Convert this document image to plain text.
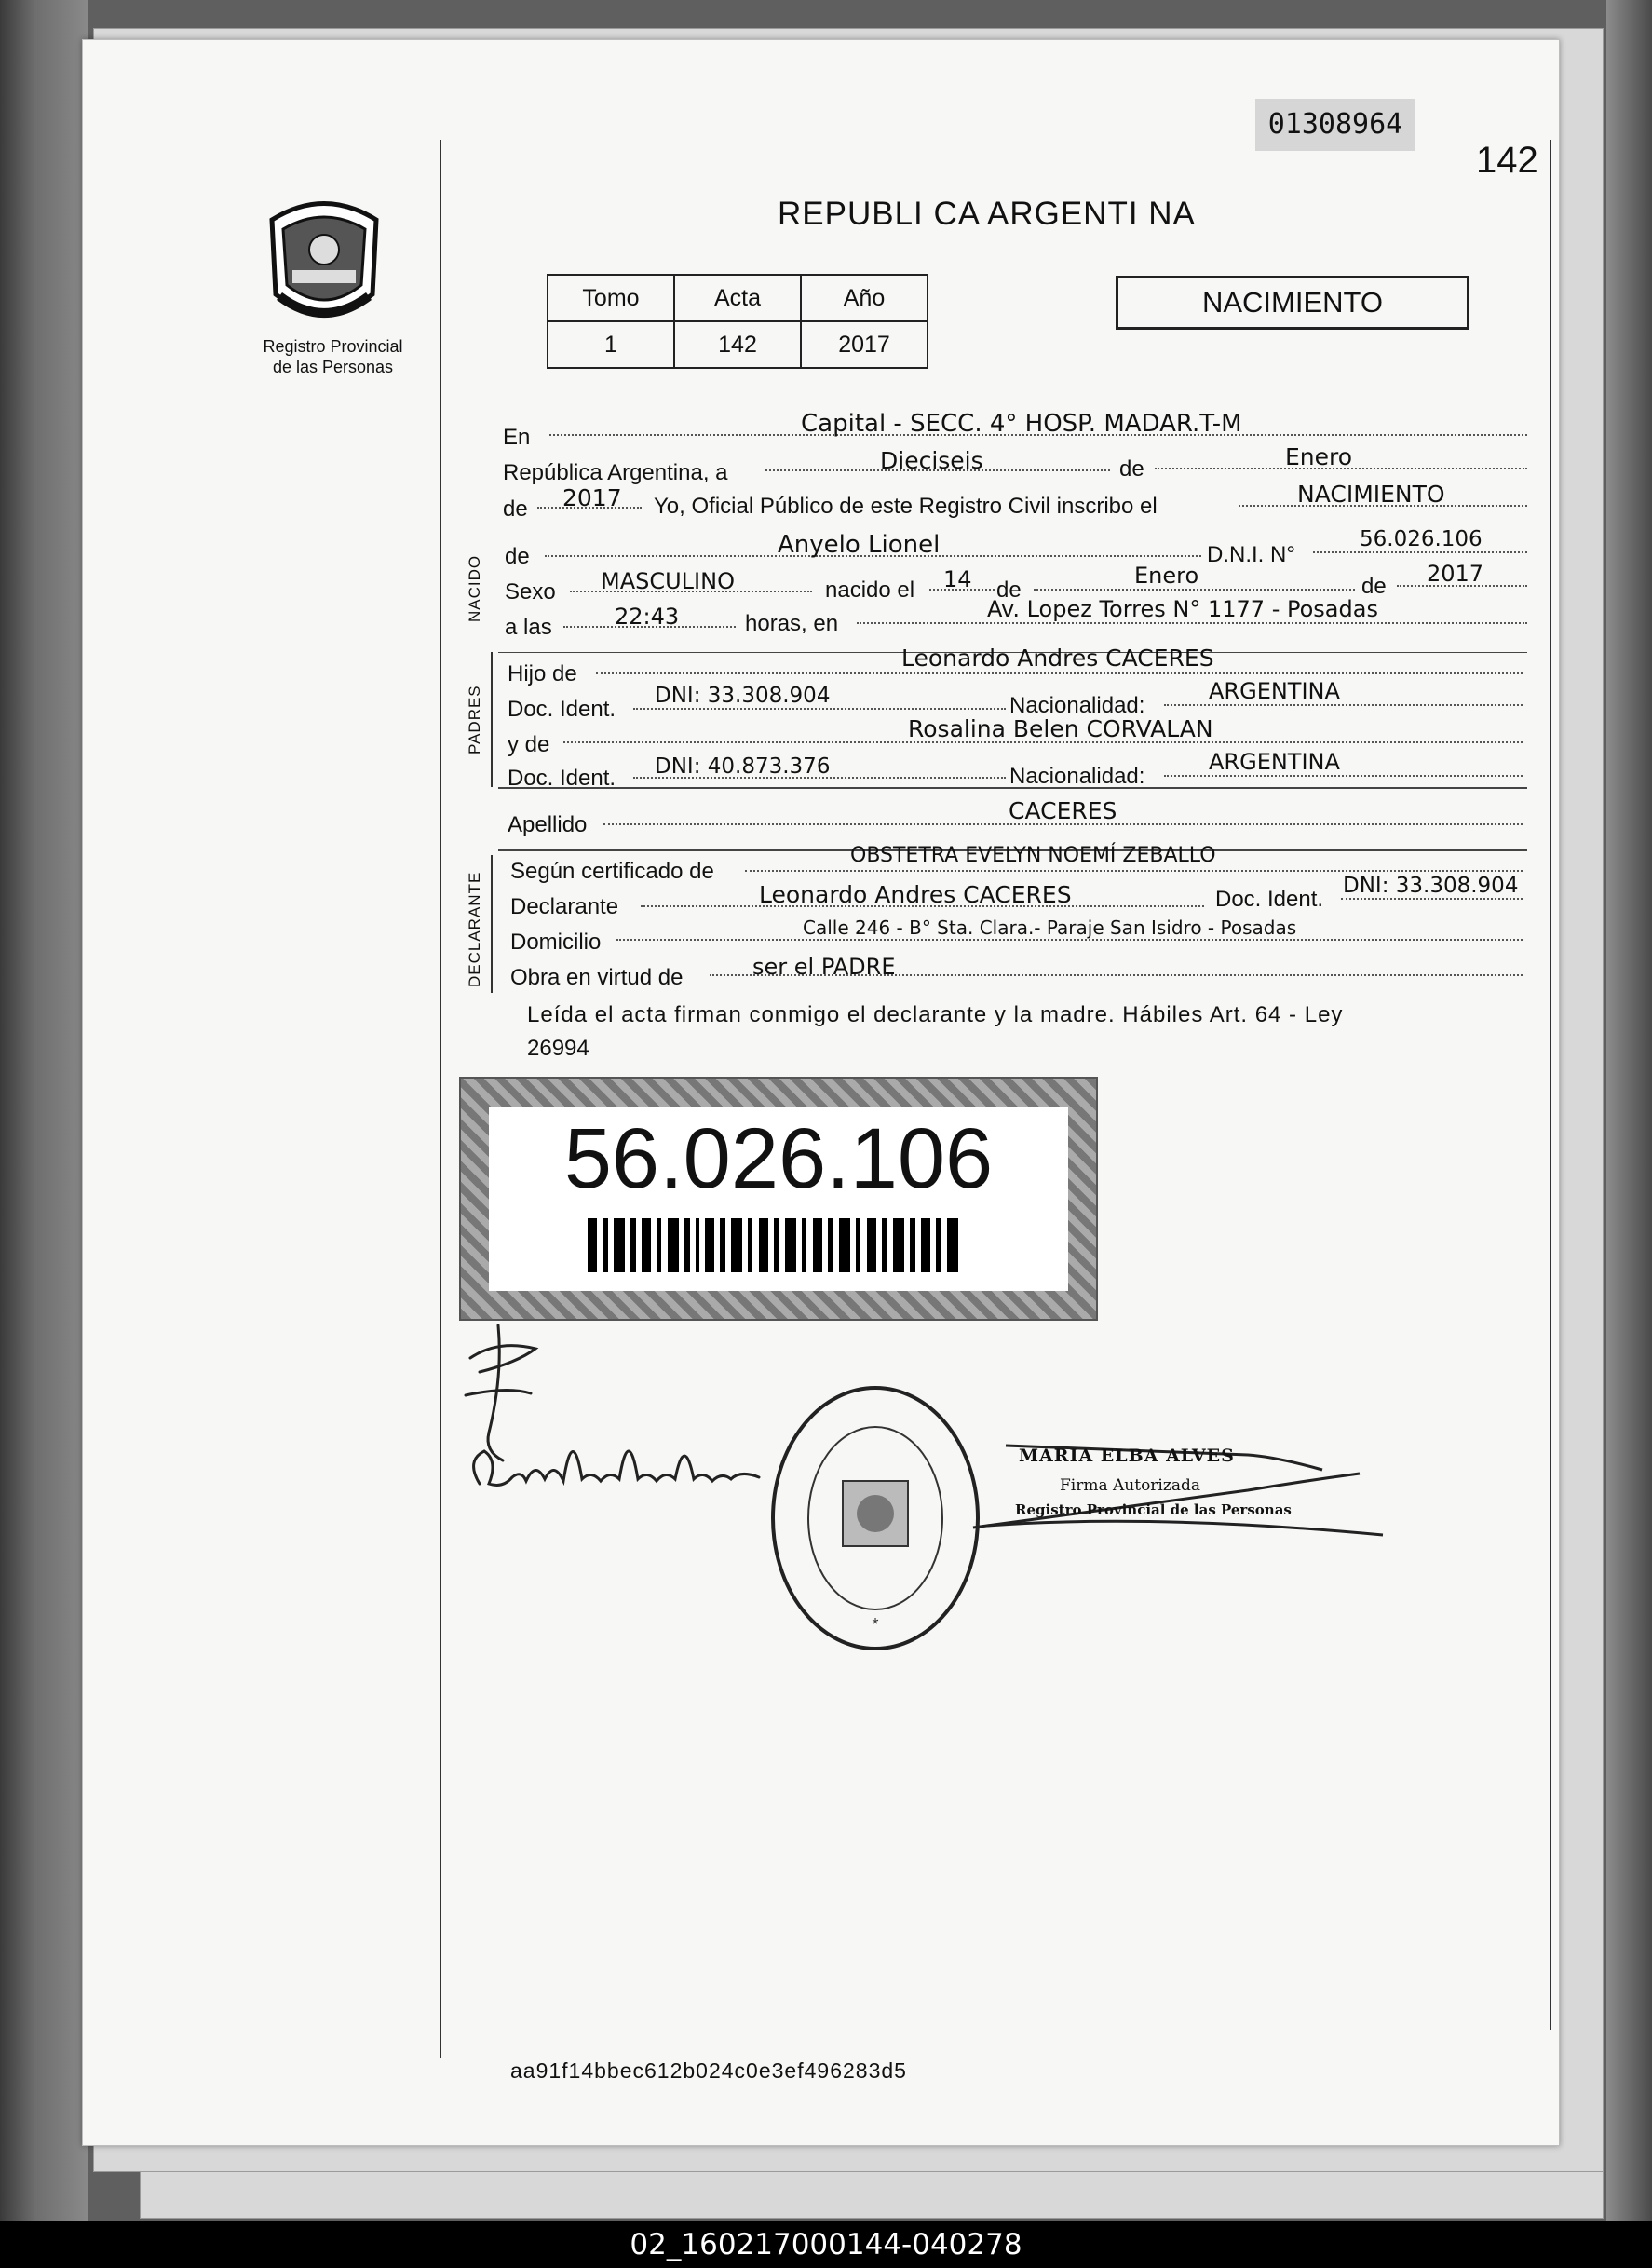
01308964
142
Registro Provincial
de las Personas
REPUBLI CA ARGENTI NA
Tomo	Acta	Año
1	142	2017
NACIMIENTO
NACIDO
PADRES
DECLARANTE
En	Capital - SECC. 4° HOSP. MADAR.T-M
República Argentina, a	Dieciseis	de	Enero
de 2017 Yo, Oficial Público de este Registro Civil inscribo el	NACIMIENTO
de	Anyelo Lionel	D.N.I. N°
56.026.106
Sexo MASCULINO	nacido el 14 de
Enero	de 2017
a las	22:43	horas, en
Av. Lopez Torres N° 1177 - Posadas
Hijo de
Leonardo Andres CACERES
Doc. Ident.
DNI: 33.308.904	Nacionalidad:
ARGENTINA
y de
Rosalina Belen CORVALAN
Doc. Ident. DNI: 40.873.376	Nacionalidad:
ARGENTINA
Apellido
CACERES
Según certificado de
OBSTETRA EVELYN NOEMÍ ZEBALLO
Declarante	Leonardo Andres CACERES	Doc. Ident.
DNI: 33.308.904
Domicilio
Calle 246 - B° Sta. Clara.- Paraje San Isidro - Posadas
Obra en virtud de	ser el PADRE
Leída el acta firman conmigo el declarante y la madre. Hábiles Art. 64 - Ley
26994
56.026.106
*
MARIA ELBA ALVES
Firma Autorizada
Registro Provincial de las Personas
aa91f14bbec612b024c0e3ef496283d5
02_160217000144-040278
